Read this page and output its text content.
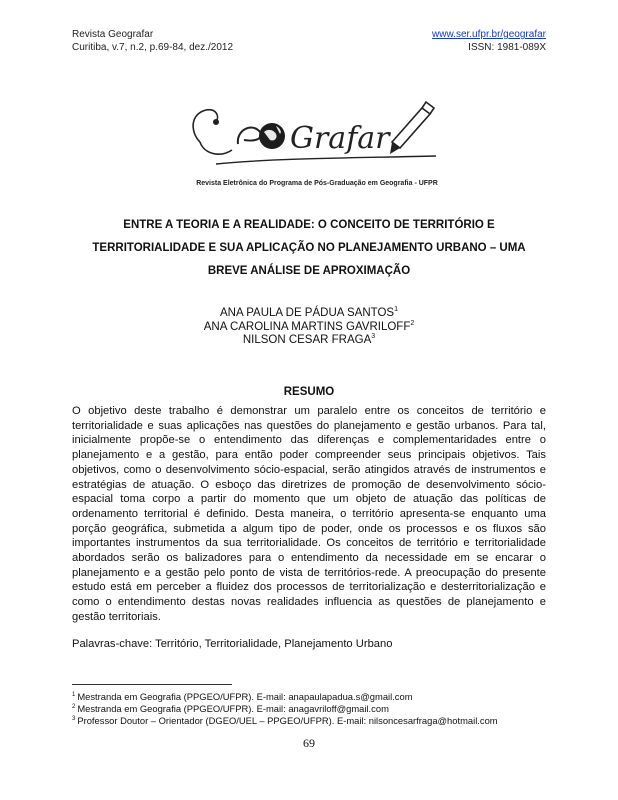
Revista Geografar
Curitiba, v.7, n.2, p.69-84, dez./2012
www.ser.ufpr.br/geografar
ISSN: 1981-089X
Grafar
Revista Eletrônica do Programa de Pós-Graduação em Geografia - UFPR
ENTRE A TEORIA E A REALIDADE: O CONCEITO DE TERRITÓRIO E
TERRITORIALIDADE E SUA APLICAÇÃO NO PLANEJAMENTO URBANO – UMA
BREVE ANÁLISE DE APROXIMAÇÃO
ANA PAULA DE PÁDUA SANTOS$^1$
ANA CAROLINA MARTINS GAVRILOFF$^2$
NILSON CESAR FRAGA$^3$
RESUMO

O objetivo deste trabalho é demonstrar um paralelo entre os conceitos de território e territorialidade e suas aplicações nas questões do planejamento e gestão urbanos. Para tal, inicialmente propõe-se o entendimento das diferenças e complementaridades entre o planejamento e a gestão, para então poder compreender seus principais objetivos. Tais objetivos, como o desenvolvimento sócio-espacial, serão atingidos através de instrumentos e estratégias de atuação. O esboço das diretrizes de promoção de desenvolvimento sócio-espacial toma corpo a partir do momento que um objeto de atuação das políticas de ordenamento territorial é definido. Desta maneira, o território apresenta-se enquanto uma porção geográfica, submetida a algum tipo de poder, onde os processos e os fluxos são importantes instrumentos da sua territorialidade. Os conceitos de território e territorialidade abordados serão os balizadores para o entendimento da necessidade em se encarar o planejamento e a gestão pelo ponto de vista de territórios-rede. A preocupação do presente estudo está em perceber a fluidez dos processos de territorialização e desterritorialização e como o entendimento destas novas realidades influencia as questões de planejamento e gestão territoriais.

Palavras-chave: Território, Territorialidade, Planejamento Urbano
$^1$ Mestranda em Geografia (PPGEO/UFPR). E-mail: anapaulapadua.s@gmail.com
$^2$ Mestranda em Geografia (PPGEO/UFPR). E-mail: anagavriloff@gmail.com
$^3$ Professor Doutor – Orientador (DGEO/UEL – PPGEO/UFPR). E-mail: nilsoncesarfraga@hotmail.com
69
